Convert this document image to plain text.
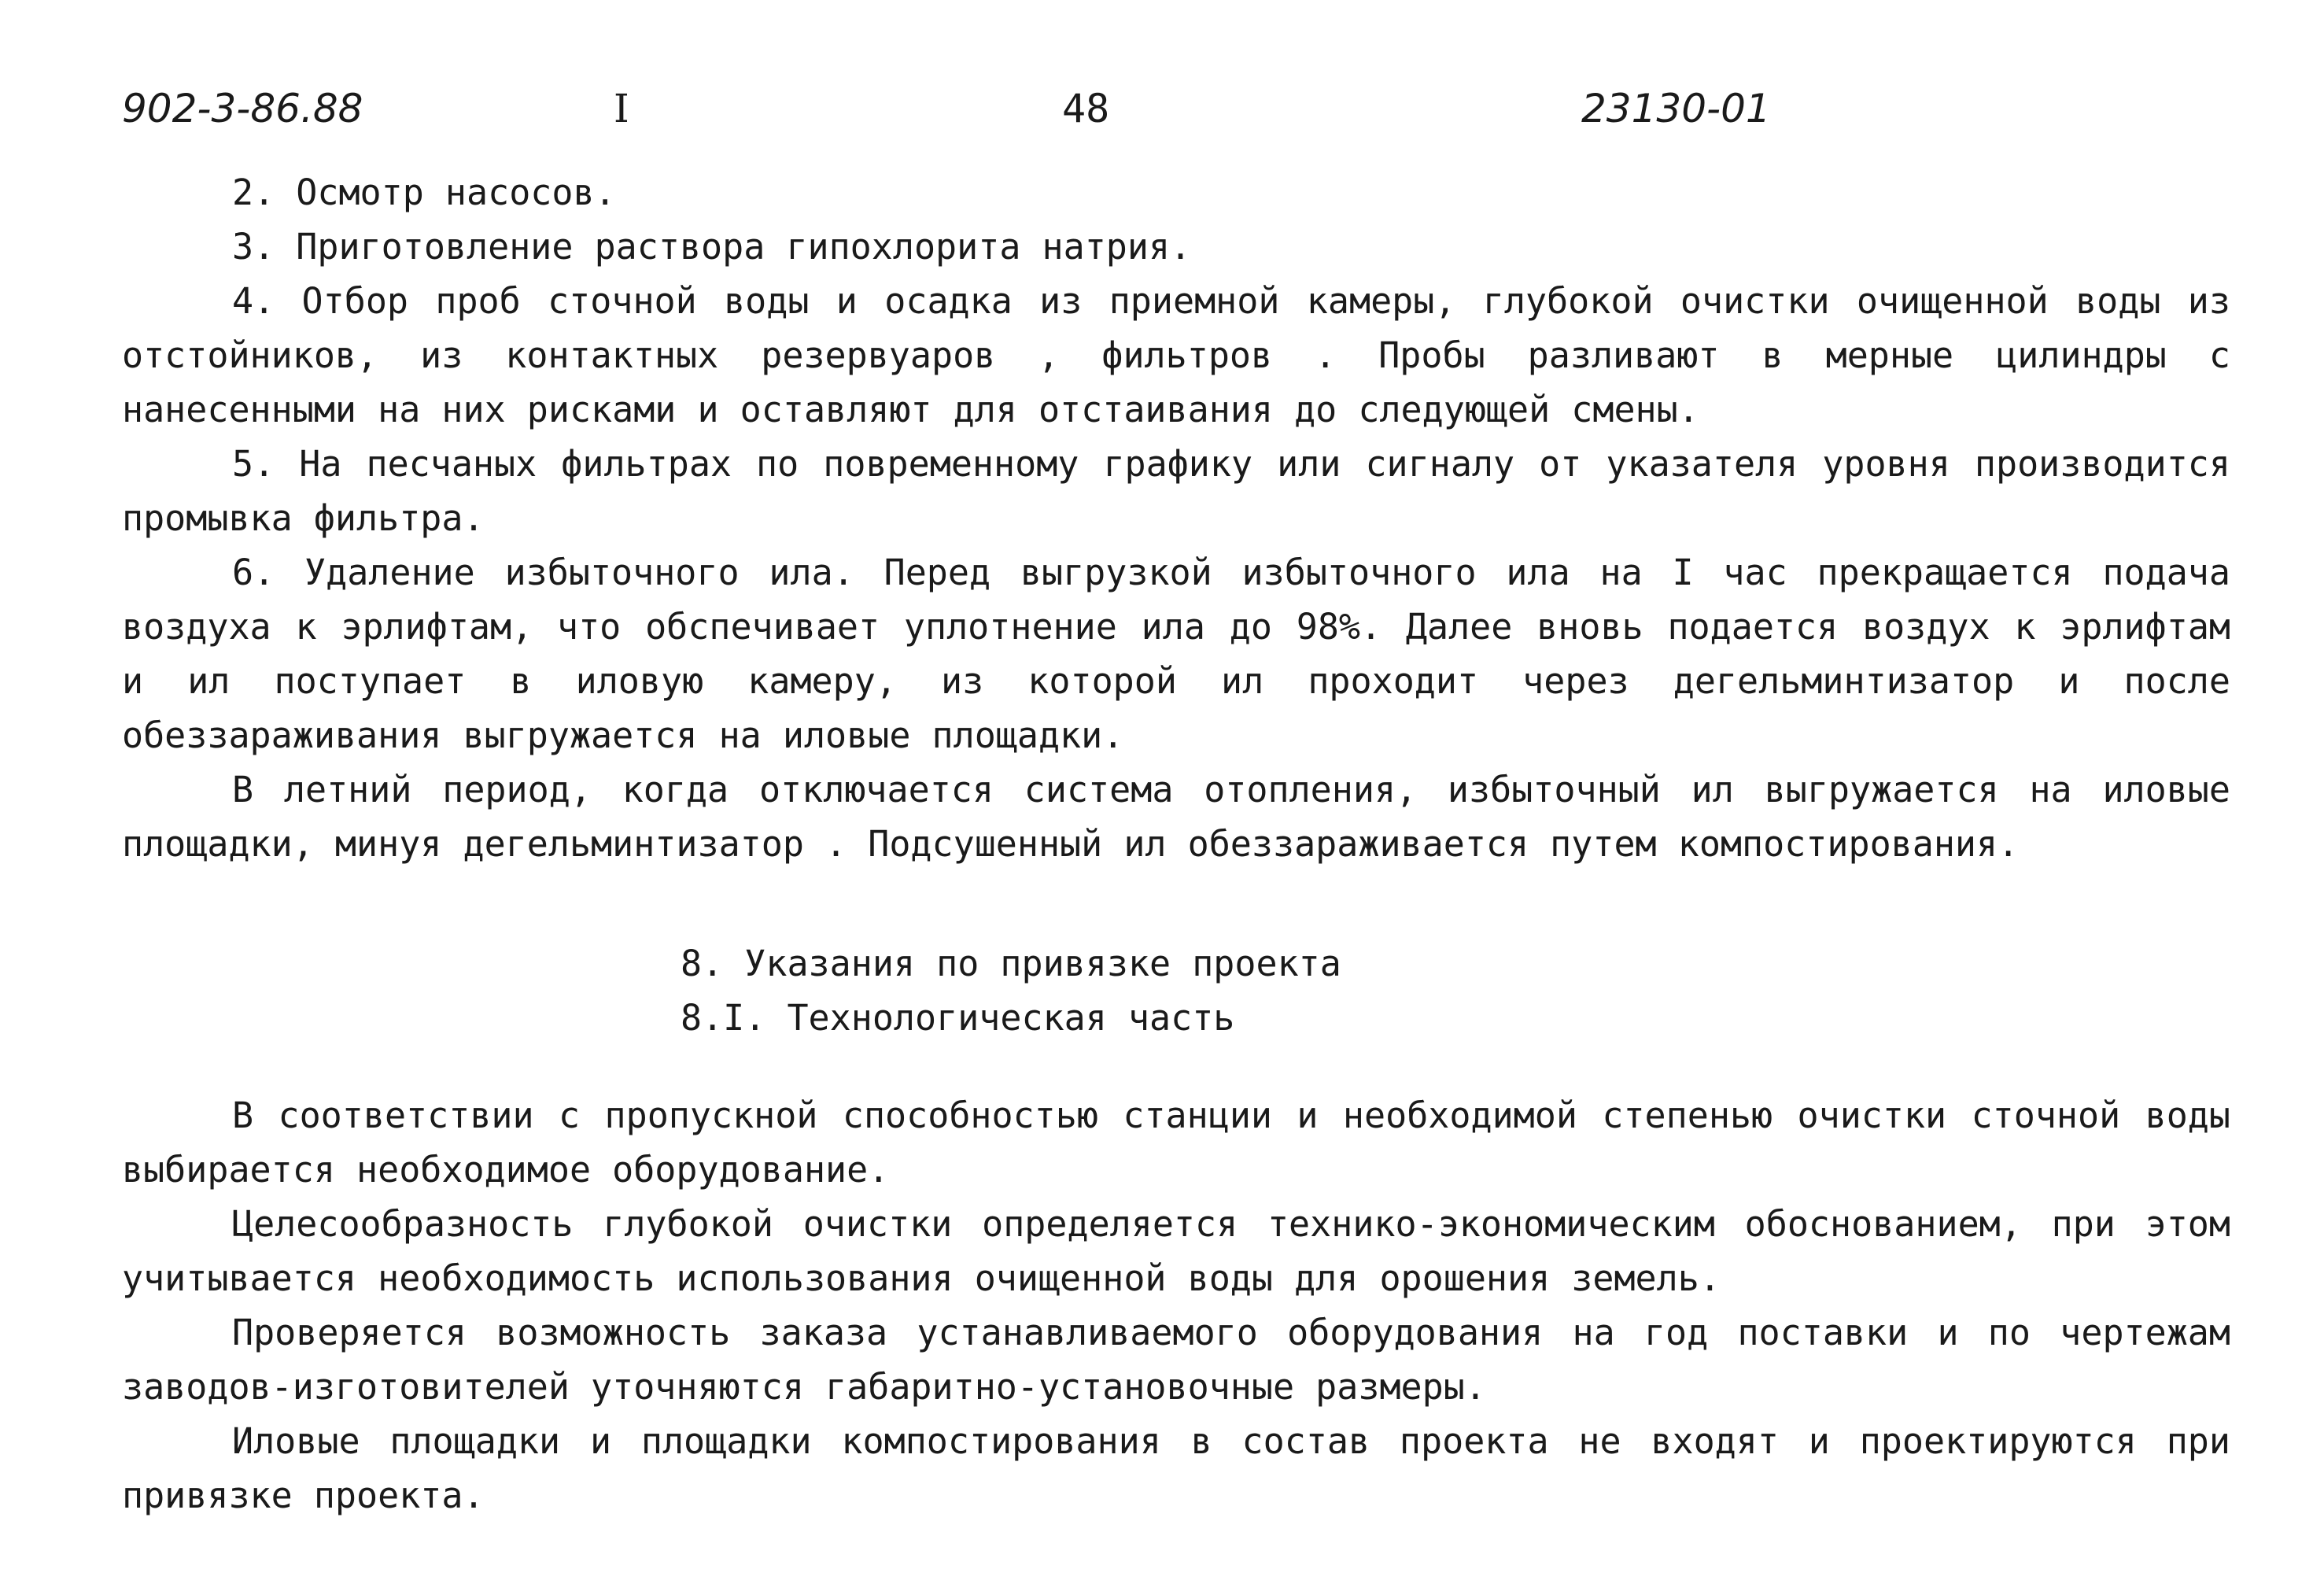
902-3-86.88	I	48	23130-01

2. Осмотр насосов.

3. Приготовление раствора гипохлорита натрия.

4. Отбор проб сточной воды и осадка из приемной камеры, глубокой очистки очищенной воды из отстойников, из контактных резервуаров , фильтров . Пробы разливают в мерные цилиндры с нанесенными на них рисками и оставляют для отстаивания до следующей смены.

5. На песчаных фильтрах по повременному графику или сигналу от указателя уровня производится промывка фильтра.

6. Удаление избыточного ила. Перед выгрузкой избыточного ила на I час прекращается подача воздуха к эрлифтам, что обспечивает уплотнение ила до 98%. Далее вновь подается воздух к эрлифтам и ил поступает в иловую камеру, из которой ил проходит через дегельминтизатор и после обеззараживания выгружается на иловые площадки.

В летний период, когда отключается система отопления, избыточный ил выгружается на иловые площадки, минуя дегельминтизатор . Подсушенный ил обеззараживается путем компостирования.

8. Указания по привязке проекта

8.I. Технологическая часть

В соответствии с пропускной способностью станции и необходимой степенью очистки сточной воды выбирается необходимое оборудование.

Целесообразность глубокой очистки определяется технико-экономическим обоснованием, при этом учитывается необходимость использования очищенной воды для орошения земель.

Проверяется возможность заказа устанавливаемого оборудования на год поставки и по чертежам заводов-изготовителей уточняются габаритно-установочные размеры.

Иловые площадки и площадки компостирования в состав проекта не входят и проектируются при привязке проекта.
